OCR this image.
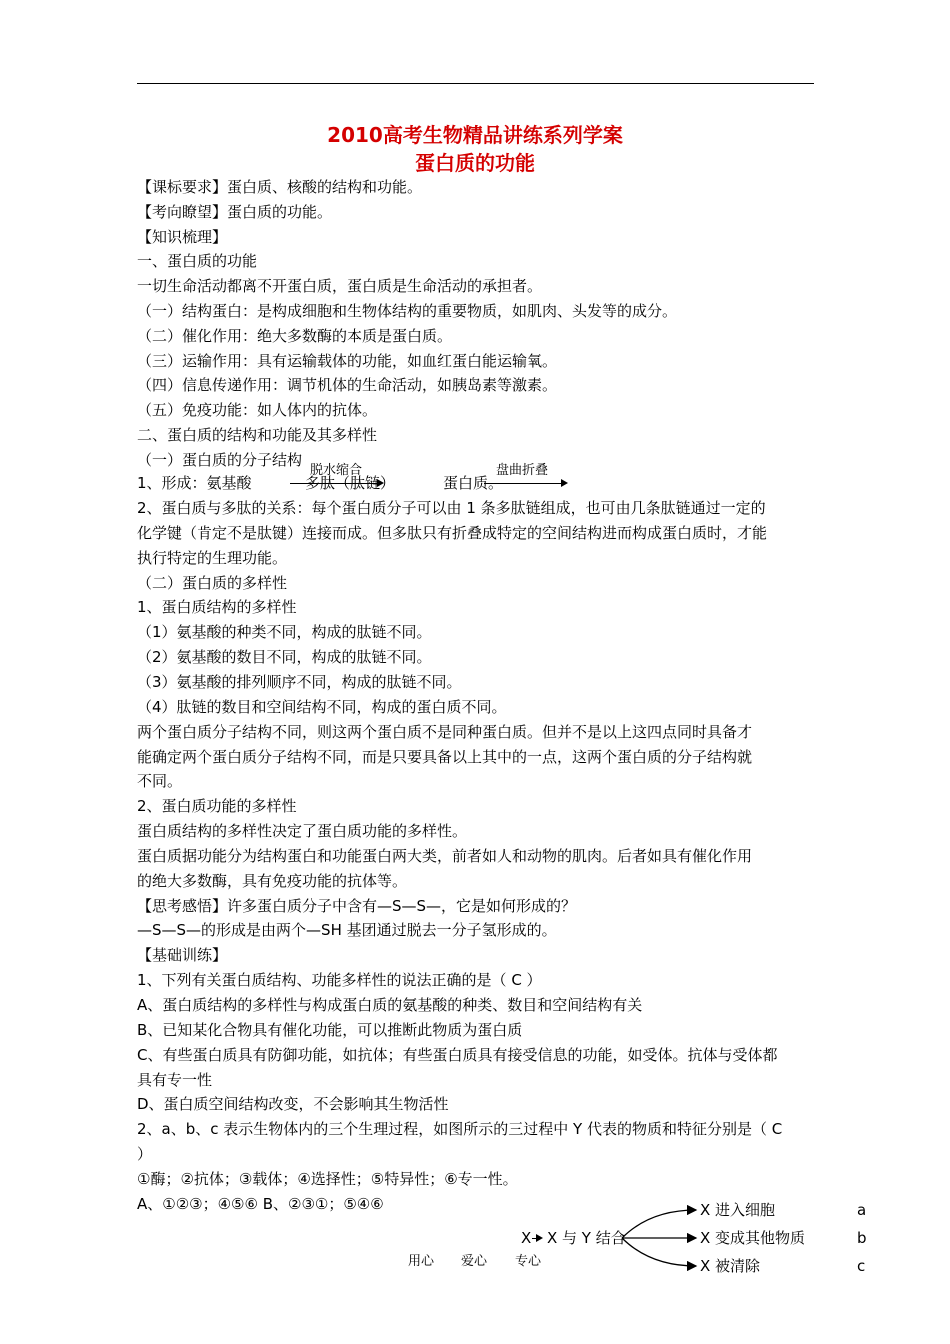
2010高考生物精品讲练系列学案
蛋白质的功能
【课标要求】蛋白质、核酸的结构和功能。
【考向瞭望】蛋白质的功能。
【知识梳理】
一、蛋白质的功能
一切生命活动都离不开蛋白质，蛋白质是生命活动的承担者。
（一）结构蛋白：是构成细胞和生物体结构的重要物质，如肌肉、头发等的成分。
（二）催化作用：绝大多数酶的本质是蛋白质。
（三）运输作用：具有运输载体的功能，如血红蛋白能运输氧。
（四）信息传递作用：调节机体的生命活动，如胰岛素等激素。
（五）免疫功能：如人体内的抗体。
二、蛋白质的结构和功能及其多样性
（一）蛋白质的分子结构
1、形成：氨基酸
脱水缩合
多肽（肽链）
盘曲折叠
蛋白质。
2、蛋白质与多肽的关系：每个蛋白质分子可以由 1 条多肽链组成，也可由几条肽链通过一定的
化学键（肯定不是肽键）连接而成。但多肽只有折叠成特定的空间结构进而构成蛋白质时，才能
执行特定的生理功能。
（二）蛋白质的多样性
1、蛋白质结构的多样性
（1）氨基酸的种类不同，构成的肽链不同。
（2）氨基酸的数目不同，构成的肽链不同。
（3）氨基酸的排列顺序不同，构成的肽链不同。
（4）肽链的数目和空间结构不同，构成的蛋白质不同。
两个蛋白质分子结构不同，则这两个蛋白质不是同种蛋白质。但并不是以上这四点同时具备才
能确定两个蛋白质分子结构不同，而是只要具备以上其中的一点，这两个蛋白质的分子结构就
不同。
2、蛋白质功能的多样性
蛋白质结构的多样性决定了蛋白质功能的多样性。
蛋白质据功能分为结构蛋白和功能蛋白两大类，前者如人和动物的肌肉。后者如具有催化作用
的绝大多数酶，具有免疫功能的抗体等。
【思考感悟】许多蛋白质分子中含有—S—S—，它是如何形成的？
—S—S—的形成是由两个—SH 基团通过脱去一分子氢形成的。
【基础训练】
1、下列有关蛋白质结构、功能多样性的说法正确的是（ C ）
A、蛋白质结构的多样性与构成蛋白质的氨基酸的种类、数目和空间结构有关
B、已知某化合物具有催化功能，可以推断此物质为蛋白质
C、有些蛋白质具有防御功能，如抗体；有些蛋白质具有接受信息的功能，如受体。抗体与受体都
具有专一性
D、蛋白质空间结构改变，不会影响其生物活性
2、a、b、c 表示生物体内的三个生理过程，如图所示的三过程中 Y 代表的物质和特征分别是（ C
）
①酶；②抗体；③载体；④选择性；⑤特异性；⑥专一性。
A、①②③；④⑤⑥ B、②③①；⑤④⑥
X X 与 Y 结合
X 进入细胞
X 变成其他物质
X 被清除
a
b
c
用心 爱心 专心
